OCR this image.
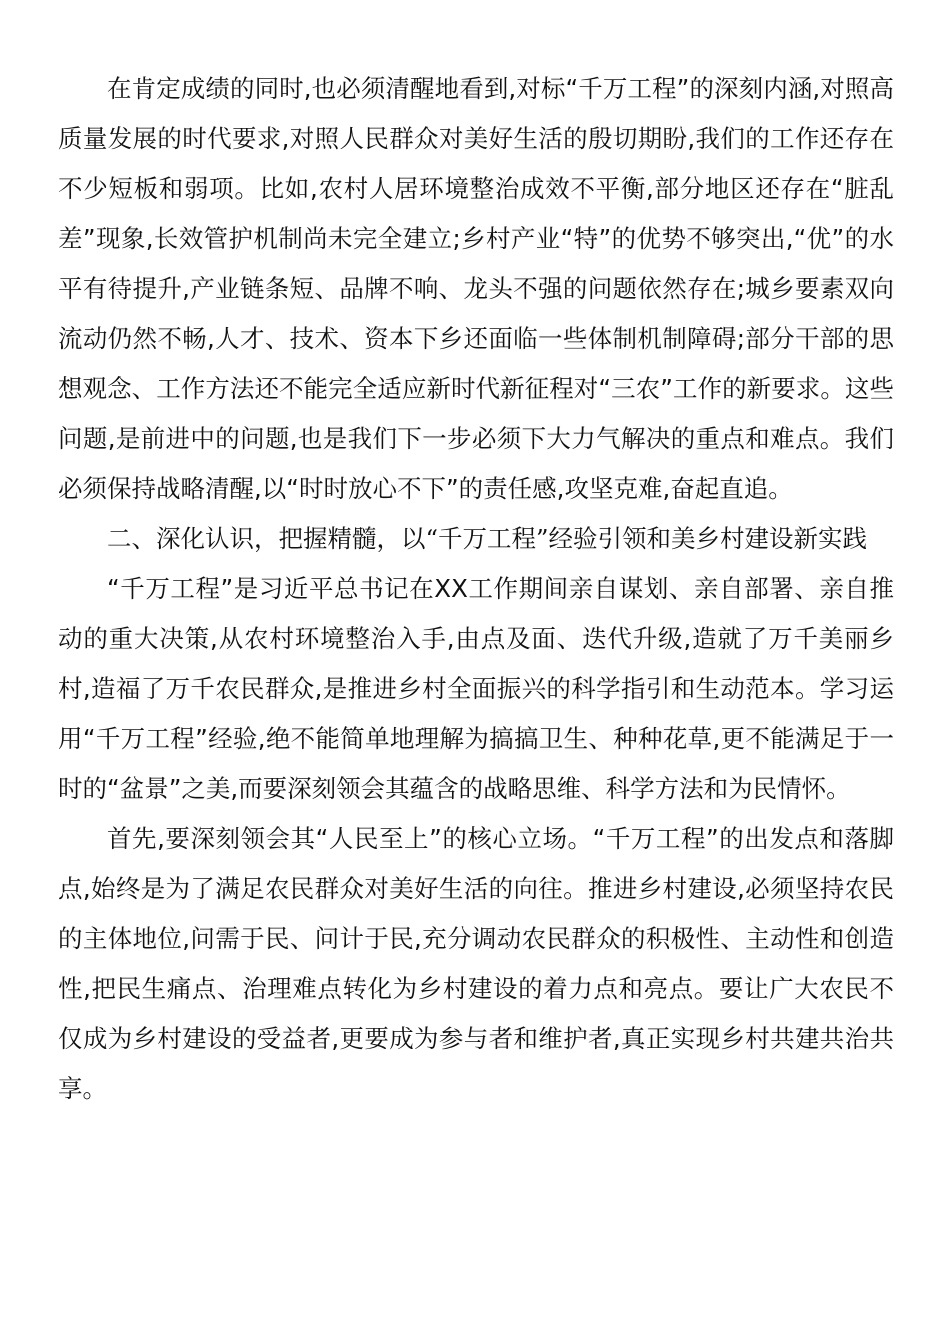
在肯定成绩的同时,也必须清醒地看到,对标“千万工程”的深刻内涵,对照高质量发展的时代要求,对照人民群众对美好生活的殷切期盼,我们的工作还存在不少短板和弱项。比如,农村人居环境整治成效不平衡,部分地区还存在“脏乱差”现象,长效管护机制尚未完全建立;乡村产业“特”的优势不够突出,“优”的水平有待提升,产业链条短、品牌不响、龙头不强的问题依然存在;城乡要素双向流动仍然不畅,人才、技术、资本下乡还面临一些体制机制障碍;部分干部的思想观念、工作方法还不能完全适应新时代新征程对“三农”工作的新要求。这些问题,是前进中的问题,也是我们下一步必须下大力气解决的重点和难点。我们必须保持战略清醒,以“时时放心不下”的责任感,攻坚克难,奋起直追。

二、深化认识，把握精髓，以“千万工程”经验引领和美乡村建设新实践

“千万工程”是习近平总书记在XX工作期间亲自谋划、亲自部署、亲自推动的重大决策,从农村环境整治入手,由点及面、迭代升级,造就了万千美丽乡村,造福了万千农民群众,是推进乡村全面振兴的科学指引和生动范本。学习运用“千万工程”经验,绝不能简单地理解为搞搞卫生、种种花草,更不能满足于一时的“盆景”之美,而要深刻领会其蕴含的战略思维、科学方法和为民情怀。

首先,要深刻领会其“人民至上”的核心立场。“千万工程”的出发点和落脚点,始终是为了满足农民群众对美好生活的向往。推进乡村建设,必须坚持农民的主体地位,问需于民、问计于民,充分调动农民群众的积极性、主动性和创造性,把民生痛点、治理难点转化为乡村建设的着力点和亮点。要让广大农民不仅成为乡村建设的受益者,更要成为参与者和维护者,真正实现乡村共建共治共享。
